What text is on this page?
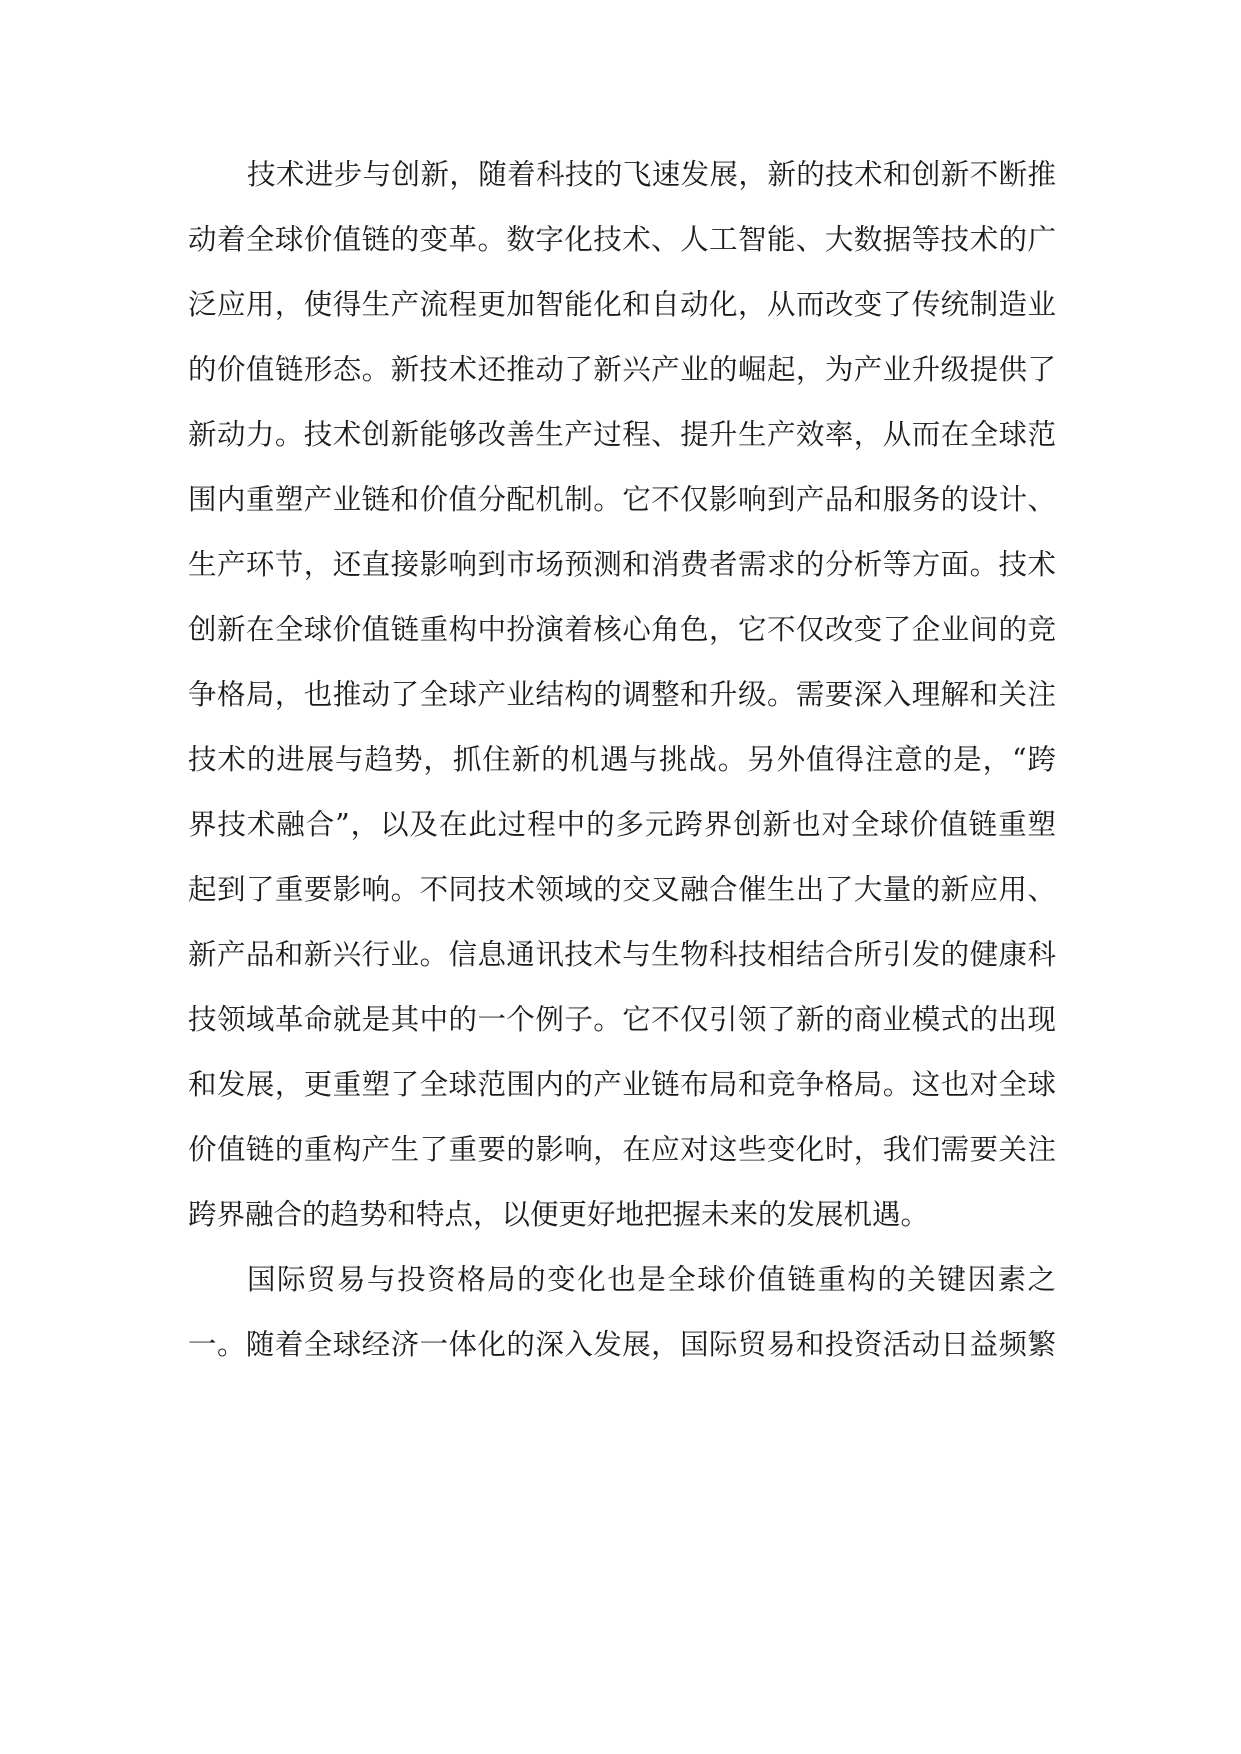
技术进步与创新，随着科技的飞速发展，新的技术和创新不断推
动着全球价值链的变革。数字化技术、人工智能、大数据等技术的广
泛应用，使得生产流程更加智能化和自动化，从而改变了传统制造业
的价值链形态。新技术还推动了新兴产业的崛起，为产业升级提供了
新动力。技术创新能够改善生产过程、提升生产效率，从而在全球范
围内重塑产业链和价值分配机制。它不仅影响到产品和服务的设计、
生产环节，还直接影响到市场预测和消费者需求的分析等方面。技术
创新在全球价值链重构中扮演着核心角色，它不仅改变了企业间的竞
争格局，也推动了全球产业结构的调整和升级。需要深入理解和关注
技术的进展与趋势，抓住新的机遇与挑战。另外值得注意的是，“跨
界技术融合”，以及在此过程中的多元跨界创新也对全球价值链重塑
起到了重要影响。不同技术领域的交叉融合催生出了大量的新应用、
新产品和新兴行业。信息通讯技术与生物科技相结合所引发的健康科
技领域革命就是其中的一个例子。它不仅引领了新的商业模式的出现
和发展，更重塑了全球范围内的产业链布局和竞争格局。这也对全球
价值链的重构产生了重要的影响，在应对这些变化时，我们需要关注
跨界融合的趋势和特点，以便更好地把握未来的发展机遇。
国际贸易与投资格局的变化也是全球价值链重构的关键因素之
一。随着全球经济一体化的深入发展，国际贸易和投资活动日益频繁
